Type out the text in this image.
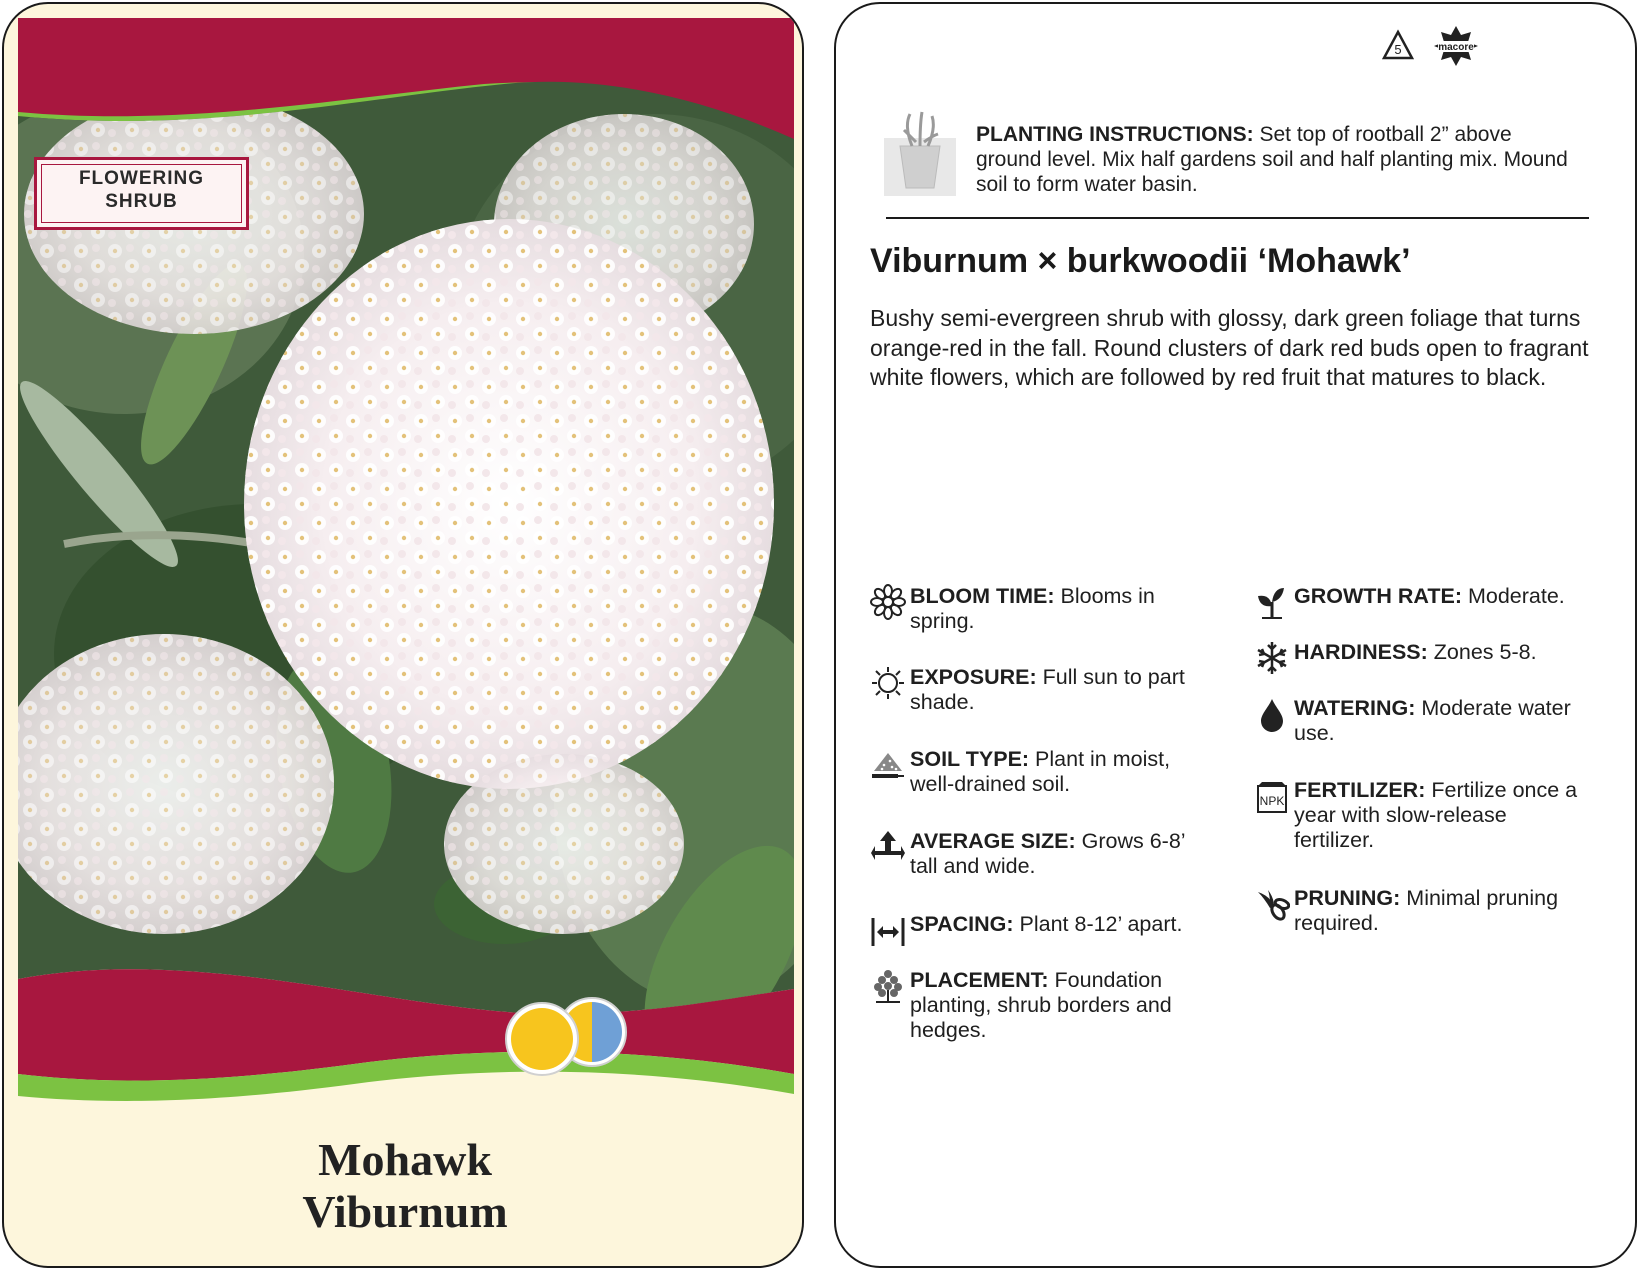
FLOWERING
SHRUB
Mohawk
Viburnum
5	macore
PLANTING INSTRUCTIONS: Set top of rootball 2” above ground level. Mix half gardens soil and half planting mix. Mound soil to form water basin.
Viburnum × burkwoodii ‘Mohawk’
Bushy semi-evergreen shrub with glossy, dark green foliage that turns orange-red in the fall. Round clusters of dark red buds open to fragrant white flowers, which are followed by red fruit that matures to black.
BLOOM TIME: Blooms in spring.
EXPOSURE: Full sun to part shade.
SOIL TYPE: Plant in moist, well-drained soil.
AVERAGE SIZE: Grows 6-8’ tall and wide.
SPACING: Plant 8-12’ apart.
PLACEMENT: Foundation planting, shrub borders and hedges.
GROWTH RATE: Moderate.
HARDINESS: Zones 5-8.
WATERING: Moderate water use.
NPK FERTILIZER: Fertilize once a year with slow-release fertilizer.
PRUNING: Minimal pruning required.
